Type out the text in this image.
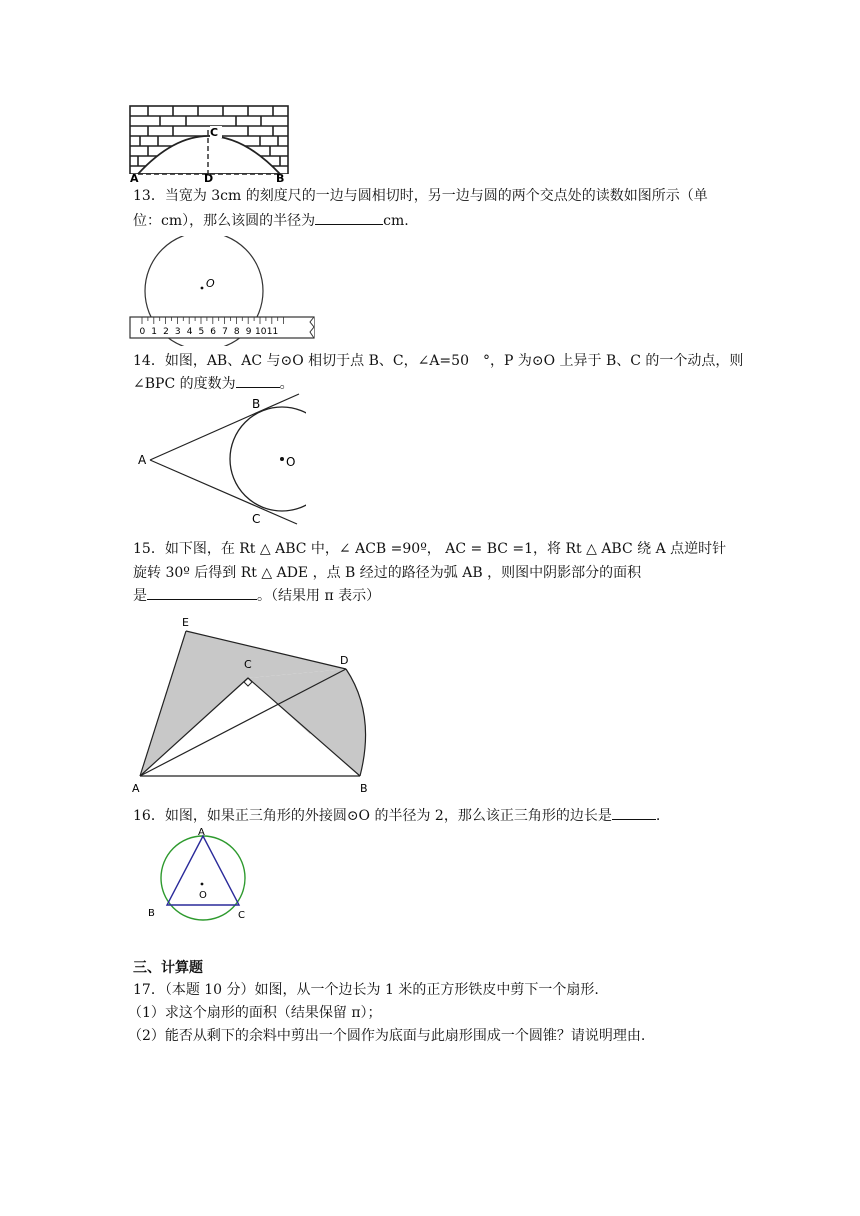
C
A	D	B
13．当宽为 3cm 的刻度尺的一边与圆相切时，另一边与圆的两个交点处的读数如图所示（单
位：cm），那么该圆的半径为	cm.
O
0 1 2 3 4 5 6 7 8 9 10 11
14．如图，AB、AC 与⊙O 相切于点 B、C，∠A=50　°，P 为⊙O 上异于 B、C 的一个动点，则
∠BPC 的度数为	。
A
B
C
O
15．如下图，在 Rt △ ABC 中，∠ ACB =90º， AC = BC =1，将 Rt △ ABC 绕 A 点逆时针
旋转 30º 后得到 Rt △ ADE ，点 B 经过的路径为弧 AB ，则图中阴影部分的面积
是	。（结果用 π 表示）
E
C	D
A	B
16．如图，如果正三角形的外接圆⊙O 的半径为 2，那么该正三角形的边长是	.
A
B	C
O
三、计算题
17．（本题 10 分）如图，从一个边长为 1 米的正方形铁皮中剪下一个扇形.
（1）求这个扇形的面积（结果保留 π）；
（2）能否从剩下的余料中剪出一个圆作为底面与此扇形围成一个圆锥？请说明理由.
